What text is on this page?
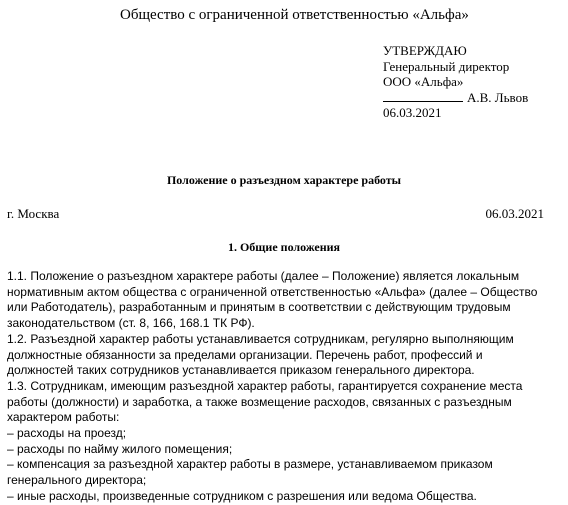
Общество с ограниченной ответственностью «Альфа»
УТВЕРЖДАЮ
Генеральный директор
ООО «Альфа»
А.В. Львов
06.03.2021
Положение о разъездном характере работы
г. Москва	06.03.2021
1. Общие положения
1.1. Положение о разъездном характере работы (далее – Положение) является локальным
нормативным актом общества с ограниченной ответственностью «Альфа» (далее – Общество
или Работодатель), разработанным и принятым в соответствии с действующим трудовым
законодательством (ст. 8, 166, 168.1 ТК РФ).
1.2. Разъездной характер работы устанавливается сотрудникам, регулярно выполняющим
должностные обязанности за пределами организации. Перечень работ, профессий и
должностей таких сотрудников устанавливается приказом генерального директора.
1.3. Сотрудникам, имеющим разъездной характер работы, гарантируется сохранение места
работы (должности) и заработка, а также возмещение расходов, связанных с разъездным
характером работы:
– расходы на проезд;
– расходы по найму жилого помещения;
– компенсация за разъездной характер работы в размере, устанавливаемом приказом
генерального директора;
– иные расходы, произведенные сотрудником с разрешения или ведома Общества.
